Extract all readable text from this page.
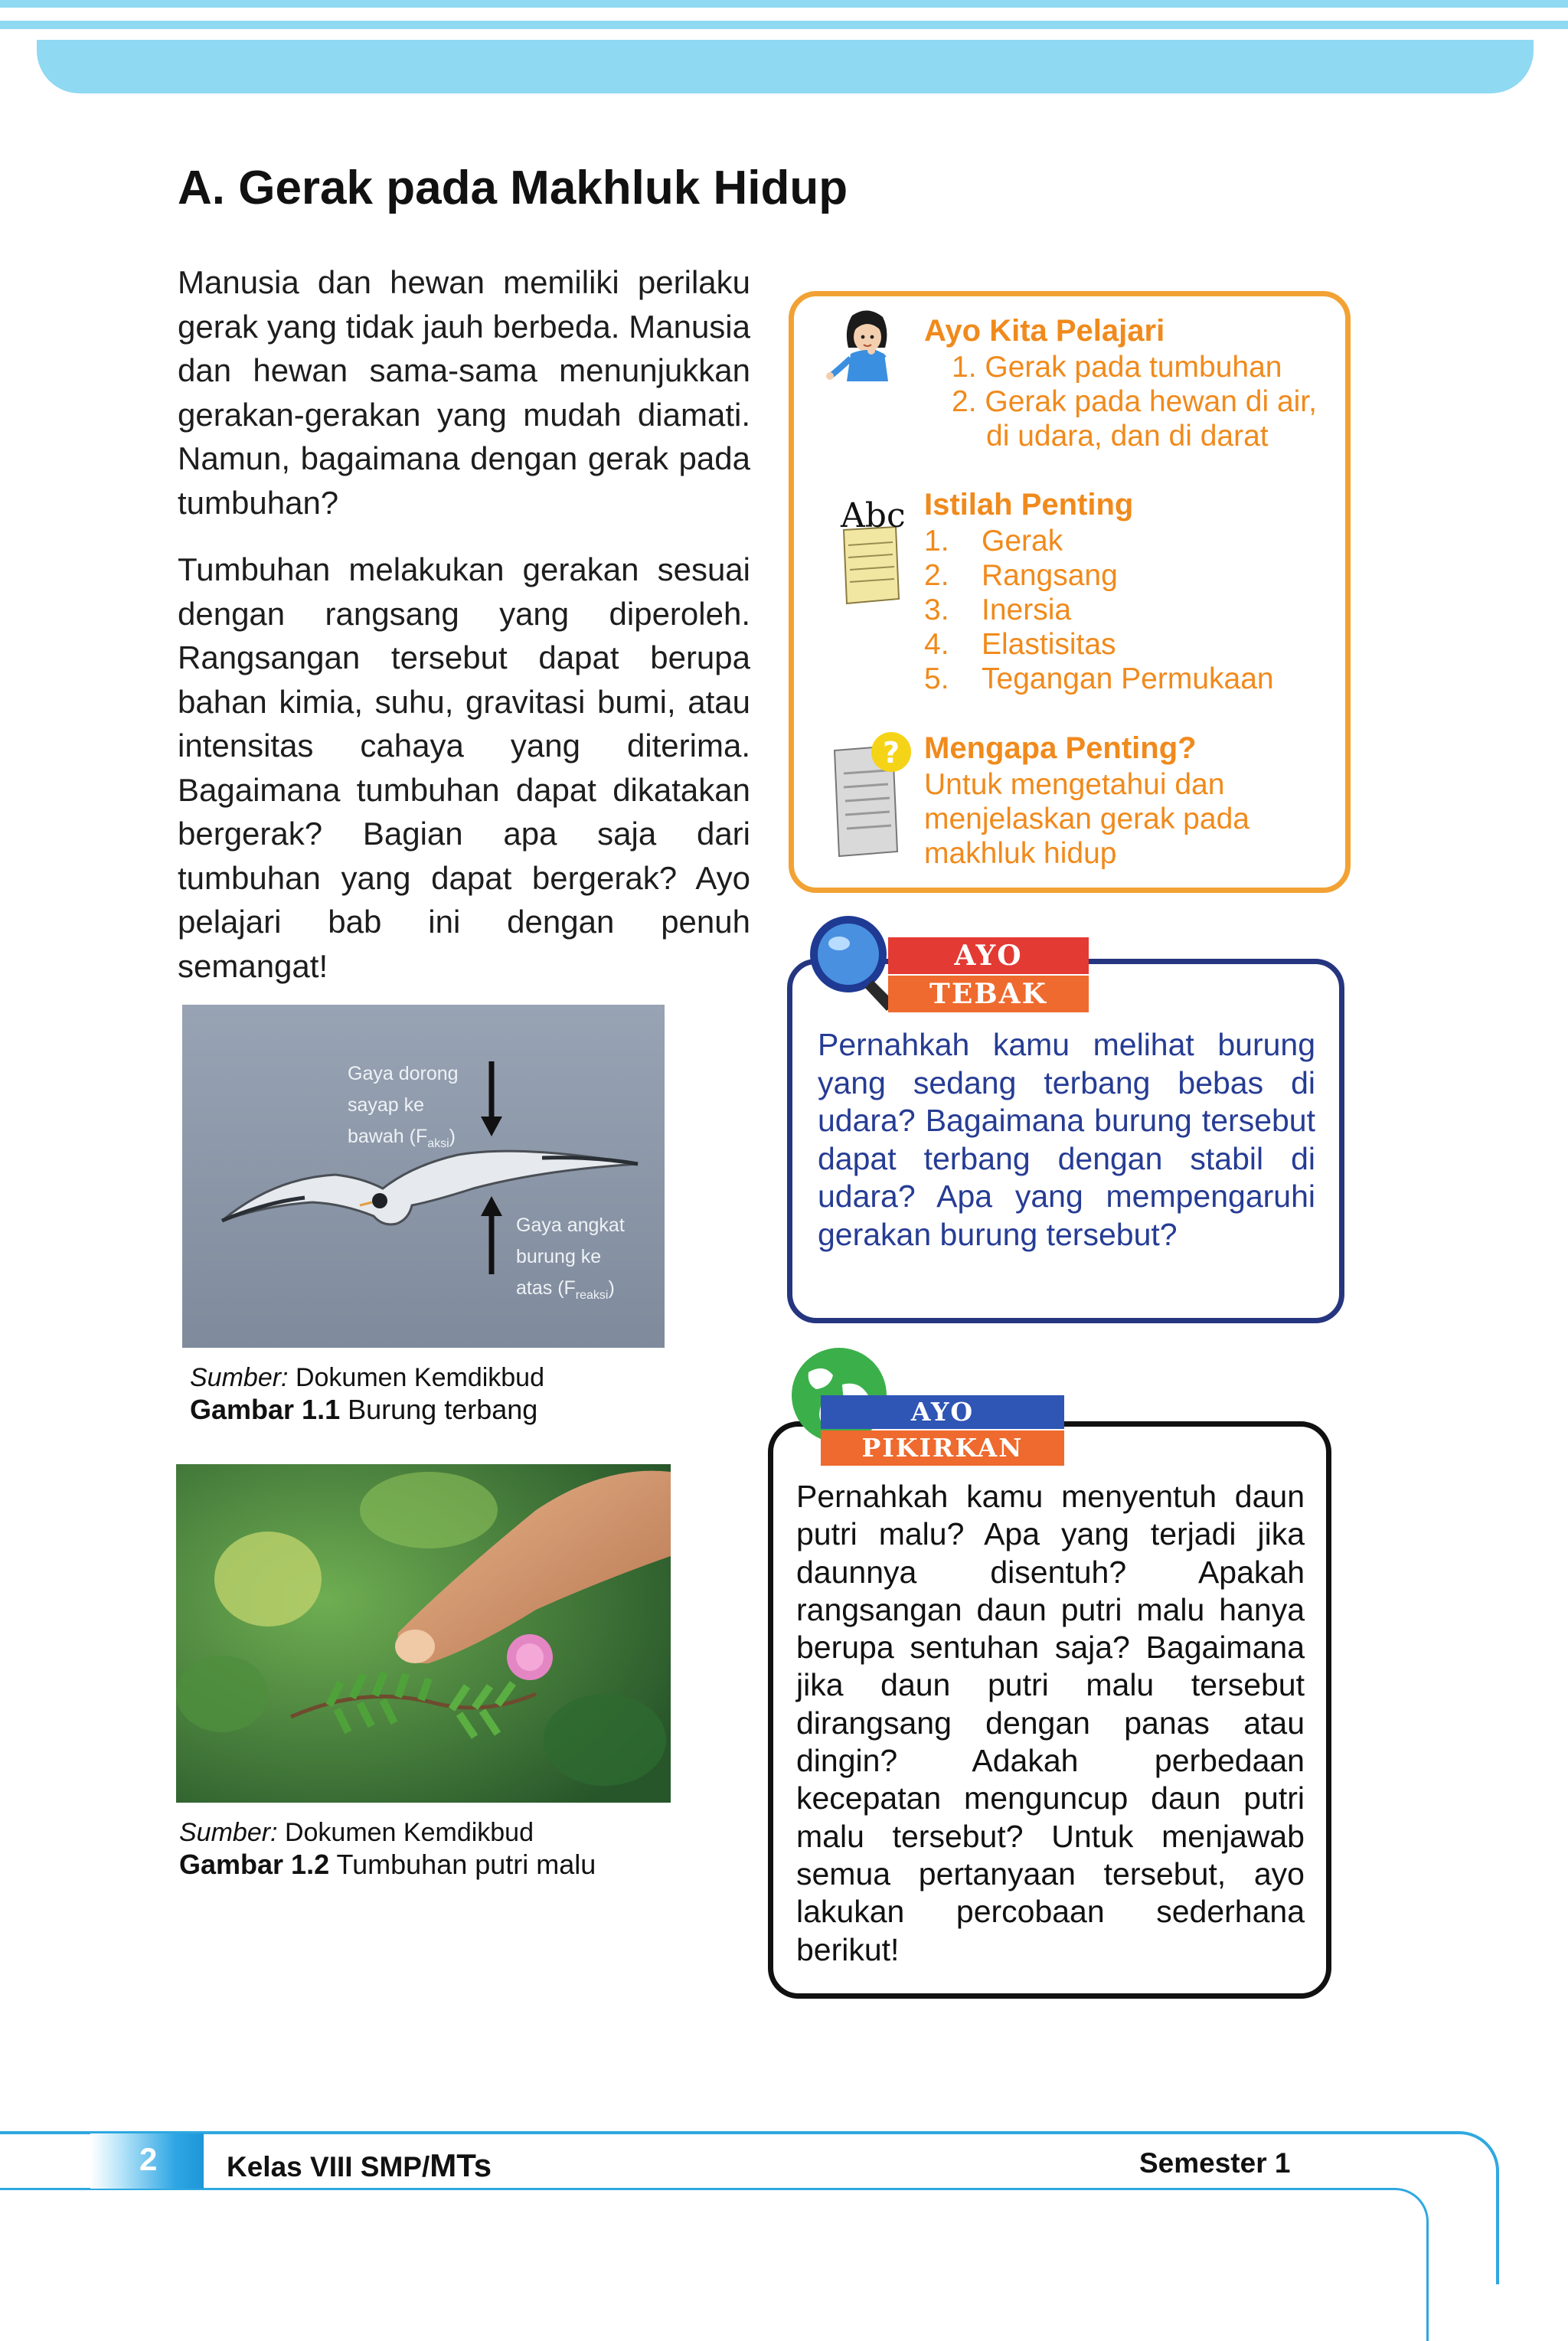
A. Gerak pada Makhluk Hidup
Manusia dan hewan memiliki perilaku gerak yang tidak jauh berbeda. Manusia dan hewan sama-sama menunjukkan gerakan-gerakan yang mudah diamati. Namun, bagaimana dengan gerak pada tumbuhan?
Tumbuhan melakukan gerakan sesuai dengan rangsang yang diperoleh. Rangsangan tersebut dapat berupa bahan kimia, suhu, gravitasi bumi, atau intensitas cahaya yang diterima. Bagaimana tumbuhan dapat dikatakan bergerak? Bagian apa saja dari tumbuhan yang dapat bergerak? Ayo pelajari bab ini dengan penuh semangat!
Ayo Kita Pelajari
1. Gerak pada tumbuhan
2. Gerak pada hewan di air,
di udara, dan di darat
Abc Istilah Penting
1. Gerak
2. Rangsang
3. Inersia
4. Elastisitas
5. Tegangan Permukaan
? Mengapa Penting?
Untuk mengetahui dan
menjelaskan gerak pada
makhluk hidup
AYO
TEBAK
Pernahkah kamu melihat burung yang sedang terbang bebas di udara? Bagaimana burung tersebut dapat terbang dengan stabil di udara? Apa yang mempengaruhi gerakan burung tersebut?
AYO
PIKIRKAN
Pernahkah kamu menyentuh daun putri malu? Apa yang terjadi jika daunnya disentuh? Apakah rangsangan daun putri malu hanya berupa sentuhan saja? Bagaimana jika daun putri malu tersebut dirangsang dengan panas atau dingin? Adakah perbedaan kecepatan menguncup daun putri malu tersebut? Untuk menjawab semua pertanyaan tersebut, ayo lakukan percobaan sederhana berikut!
Gaya dorong
sayap ke
bawah $(F_{aksi})$
Gaya angkat
burung ke
atas $(F_{reaksi})$
Sumber: Dokumen Kemdikbud
Gambar 1.1 Burung terbang
Sumber: Dokumen Kemdikbud
Gambar 1.2 Tumbuhan putri malu
2 Kelas VIII SMP/MTs	Semester 1
